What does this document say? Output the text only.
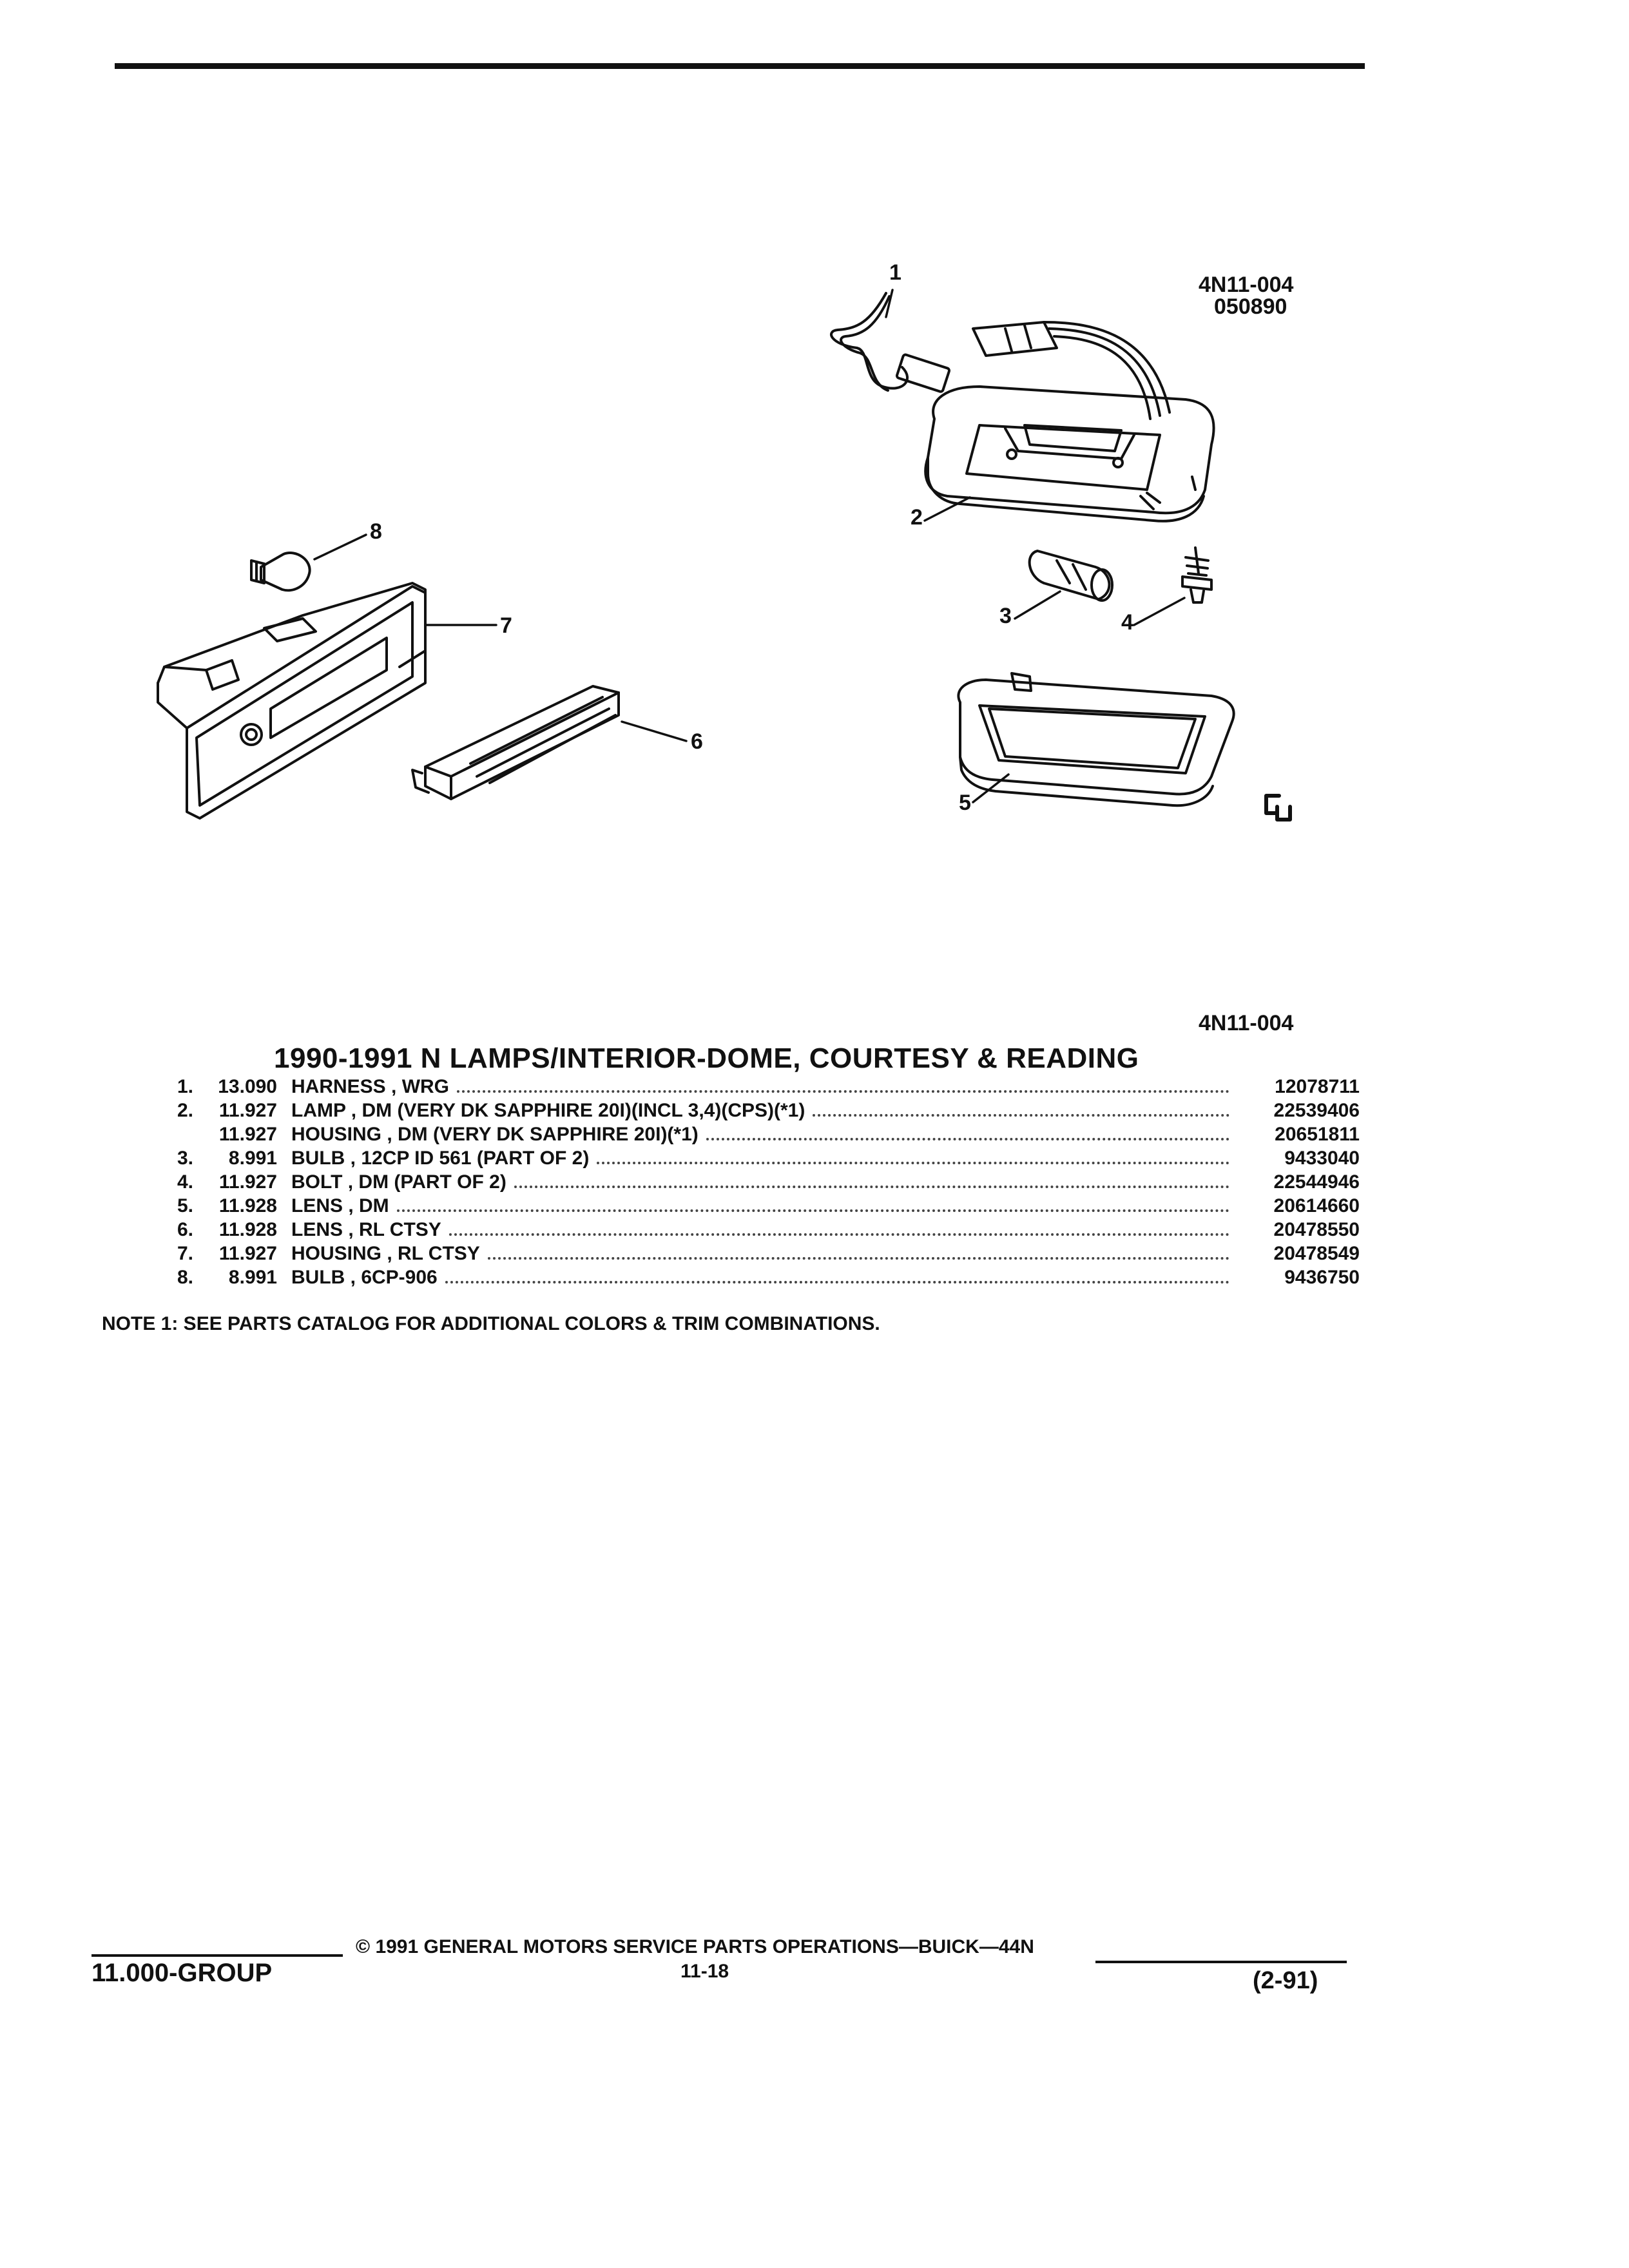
4N11-004
050890
1
2
3	4
5
6
7
8
4N11-004
1990-1991 N LAMPS/INTERIOR-DOME, COURTESY & READING
1.	13.090 HARNESS , WRG	12078711
2.	11.927 LAMP , DM (VERY DK SAPPHIRE 20I)(INCL 3,4)(CPS)(*1)	22539406
11.927 HOUSING , DM (VERY DK SAPPHIRE 20I)(*1)	20651811
3.	8.991 BULB , 12CP ID 561 (PART OF 2)	9433040
4.	11.927 BOLT , DM (PART OF 2)	22544946
5.	11.928 LENS , DM	20614660
6.	11.928 LENS , RL CTSY	20478550
7.	11.927 HOUSING , RL CTSY	20478549
8.	8.991 BULB , 6CP-906	9436750
NOTE 1: SEE PARTS CATALOG FOR ADDITIONAL COLORS & TRIM COMBINATIONS.
11.000-GROUP
© 1991 GENERAL MOTORS SERVICE PARTS OPERATIONS—BUICK—44N
11-18	(2-91)
